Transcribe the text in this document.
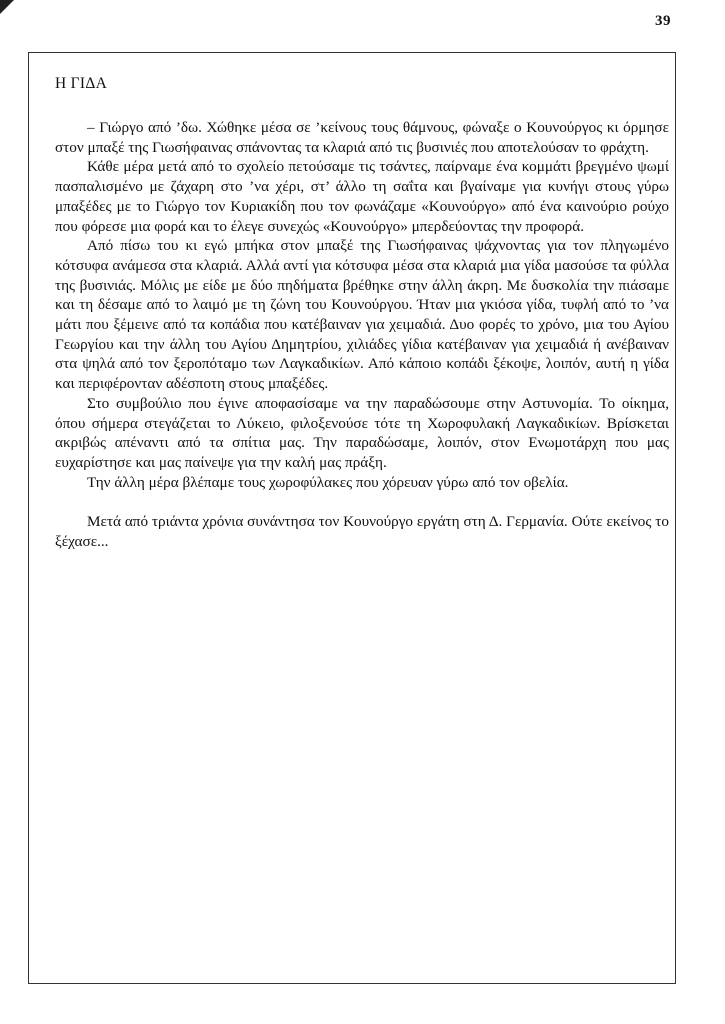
39
Η ΓΙΔΑ

– Γιώργο από ’δω. Χώθηκε μέσα σε ’κείνους τους θάμνους, φώναξε ο Κουνούργος κι όρμησε στον μπαξέ της Γιωσήφαινας σπάνοντας τα κλαριά από τις βυσινιές που αποτελούσαν το φράχτη.

Κάθε μέρα μετά από το σχολείο πετούσαμε τις τσάντες, παίρναμε ένα κομμάτι βρεγμένο ψωμί πασπαλισμένο με ζάχαρη στο ’να χέρι, στ’ άλλο τη σαΐτα και βγαίναμε για κυνήγι στους γύρω μπαξέδες με το Γιώργο τον Κυριακίδη που τον φωνάζαμε «Κουνούργο» από ένα καινούριο ρούχο που φόρεσε μια φορά και το έλεγε συνεχώς «Κουνούργο» μπερδεύοντας την προφορά.

Από πίσω του κι εγώ μπήκα στον μπαξέ της Γιωσήφαινας ψάχνοντας για τον πληγωμένο κότσυφα ανάμεσα στα κλαριά. Αλλά αντί για κότσυφα μέσα στα κλαριά μια γίδα μασούσε τα φύλλα της βυσινιάς. Μόλις με είδε με δύο πηδήματα βρέθηκε στην άλλη άκρη. Με δυσκολία την πιάσαμε και τη δέσαμε από το λαιμό με τη ζώνη του Κουνούργου. Ήταν μια γκιόσα γίδα, τυφλή από το ’να μάτι που ξέμεινε από τα κοπάδια που κατέβαιναν για χειμαδιά. Δυο φορές το χρόνο, μια του Αγίου Γεωργίου και την άλλη του Αγίου Δημητρίου, χιλιάδες γίδια κατέβαιναν για χειμαδιά ή ανέβαιναν στα ψηλά από τον ξεροπόταμο των Λαγκαδικίων. Από κάποιο κοπάδι ξέκοψε, λοιπόν, αυτή η γίδα και περιφέρονταν αδέσποτη στους μπαξέδες.

Στο συμβούλιο που έγινε αποφασίσαμε να την παραδώσουμε στην Αστυνομία. Το οίκημα, όπου σήμερα στεγάζεται το Λύκειο, φιλοξενούσε τότε τη Χωροφυλακή Λαγκαδικίων. Βρίσκεται ακριβώς απέναντι από τα σπίτια μας. Την παραδώσαμε, λοιπόν, στον Ενωμοτάρχη που μας ευχαρίστησε και μας παίνεψε για την καλή μας πράξη.

Την άλλη μέρα βλέπαμε τους χωροφύλακες που χόρευαν γύρω από τον οβελία.

Μετά από τριάντα χρόνια συνάντησα τον Κουνούργο εργάτη στη Δ. Γερμανία. Ούτε εκείνος το ξέχασε...
